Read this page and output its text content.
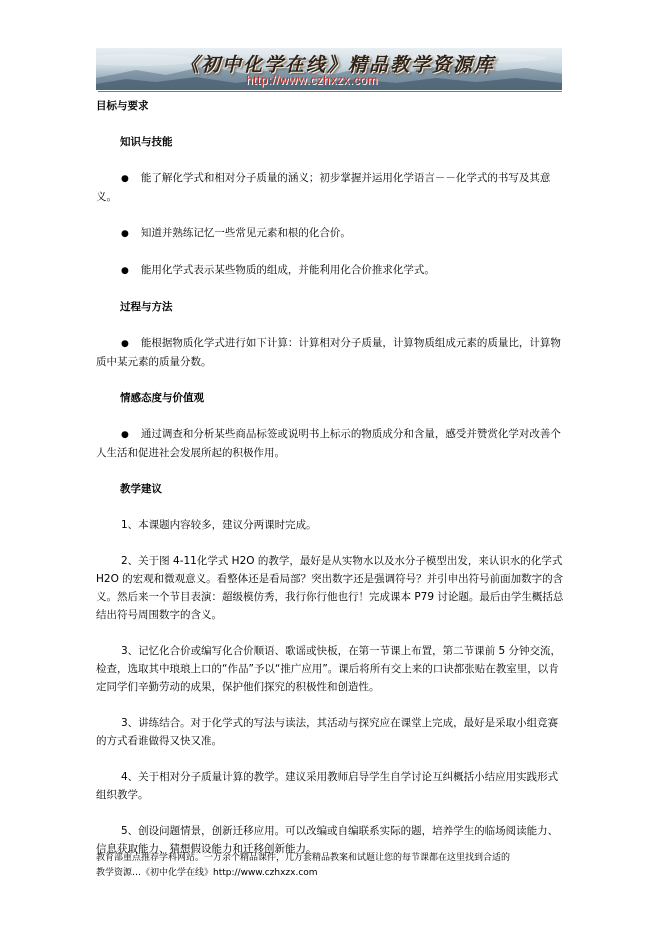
《初中化学在线》精品教学资源库
http://www.czhxzx.com

目标与要求

知识与技能

● 能了解化学式和相对分子质量的涵义；初步掌握并运用化学语言－－化学式的书写及其意义。

● 知道并熟练记忆一些常见元素和根的化合价。

● 能用化学式表示某些物质的组成，并能利用化合价推求化学式。

过程与方法

● 能根据物质化学式进行如下计算：计算相对分子质量，计算物质组成元素的质量比，计算物质中某元素的质量分数。

情感态度与价值观

● 通过调查和分析某些商品标签或说明书上标示的物质成分和含量，感受并赞赏化学对改善个人生活和促进社会发展所起的积极作用。

教学建议

1、本课题内容较多，建议分两课时完成。

2、关于图 4-11化学式 H2O 的教学，最好是从实物水以及水分子模型出发，来认识水的化学式 H2O 的宏观和微观意义。看整体还是看局部？突出数字还是强调符号？并引申出符号前面加数字的含义。然后来一个节目表演：超级模仿秀，我行你行他也行！完成课本 P79 讨论题。最后由学生概括总结出符号周围数字的含义。

3、记忆化合价或编写化合价顺语、歌谣或快板，在第一节课上布置，第二节课前 5 分钟交流，检查，选取其中琅琅上口的“作品”予以“推广应用”。课后将所有交上来的口诀都张贴在教室里，以肯定同学们辛勤劳动的成果，保护他们探究的积极性和创造性。

3、讲练结合。对于化学式的写法与读法，其活动与探究应在课堂上完成，最好是采取小组竞赛的方式看谁做得又快又准。

4、关于相对分子质量计算的教学。建议采用教师启导学生自学讨论互纠概括小结应用实践形式组织教学。

5、创设问题情景，创新迁移应用。可以改编或自编联系实际的题，培养学生的临场阅读能力、信息获取能力、猜想假设能力和迁移创新能力。

教育部重点推荐学科网站。一万余个精品课件，几万套精品教案和试题让您的每节课都在这里找到合适的
教学资源…《初中化学在线》http://www.czhxzx.com
